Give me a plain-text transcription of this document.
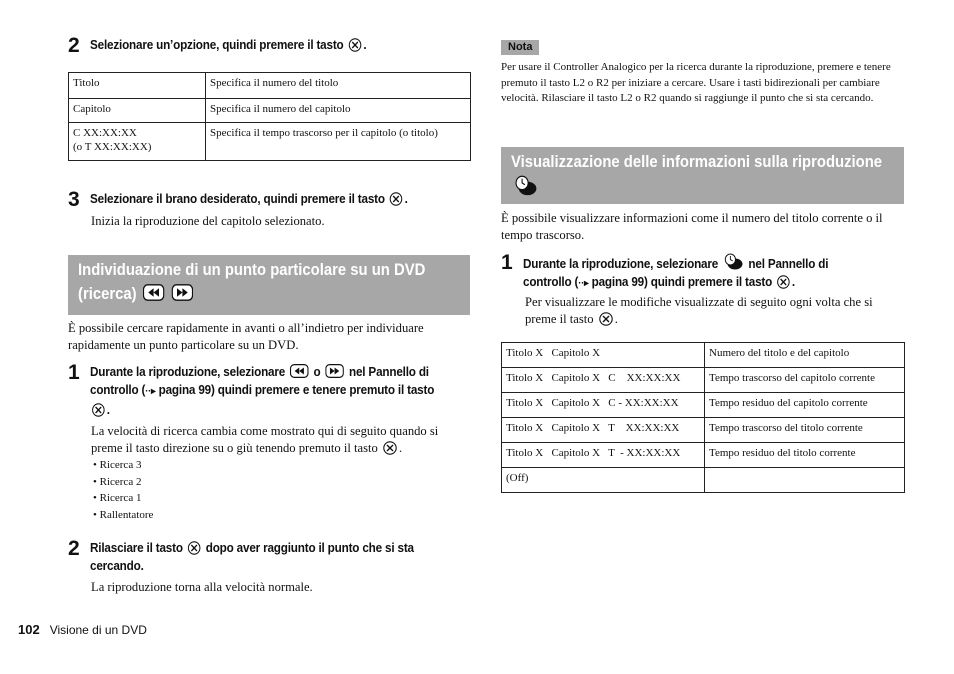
2 Selezionare un’opzione, quindi premere il tasto .
Titolo	Specifica il numero del titolo
Capitolo	Specifica il numero del capitolo
C XX:XX:XX
(o T XX:XX:XX)	Specifica il tempo trascorso per il capitolo (o titolo)
3 Selezionare il brano desiderato, quindi premere il tasto .
Inizia la riproduzione del capitolo selezionato.
Individuazione di un punto particolare su un DVD (ricerca)
È possibile cercare rapidamente in avanti o all’indietro per individuare rapidamente un punto particolare su un DVD.
1 Durante la riproduzione, selezionare o nel Pannello di controllo (··▸ pagina 99) quindi premere e tenere premuto il tasto .
La velocità di ricerca cambia come mostrato qui di seguito quando si preme il tasto direzione su o giù tenendo premuto il tasto .
• Ricerca 3
• Ricerca 2
• Ricerca 1
• Rallentatore
2 Rilasciare il tasto dopo aver raggiunto il punto che si sta cercando.
La riproduzione torna alla velocità normale.
Nota
Per usare il Controller Analogico per la ricerca durante la riproduzione, premere e tenere premuto il tasto L2 o R2 per iniziare a cercare. Usare i tasti bidirezionali per cambiare velocità. Rilasciare il tasto L2 o R2 quando si raggiunge il punto che si sta cercando.
Visualizzazione delle informazioni sulla riproduzione
È possibile visualizzare informazioni come il numero del titolo corrente o il tempo trascorso.
1 Durante la riproduzione, selezionare nel Pannello di controllo (··▸ pagina 99) quindi premere il tasto .
Per visualizzare le modifiche visualizzate di seguito ogni volta che si preme il tasto .
Titolo X   Capitolo X	Numero del titolo e del capitolo
Titolo X   Capitolo X   C    XX:XX:XX	Tempo trascorso del capitolo corrente
Titolo X   Capitolo X   C - XX:XX:XX	Tempo residuo del capitolo corrente
Titolo X   Capitolo X   T    XX:XX:XX	Tempo trascorso del titolo corrente
Titolo X   Capitolo X   T  - XX:XX:XX	Tempo residuo del titolo corrente
(Off)	
102 Visione di un DVD
